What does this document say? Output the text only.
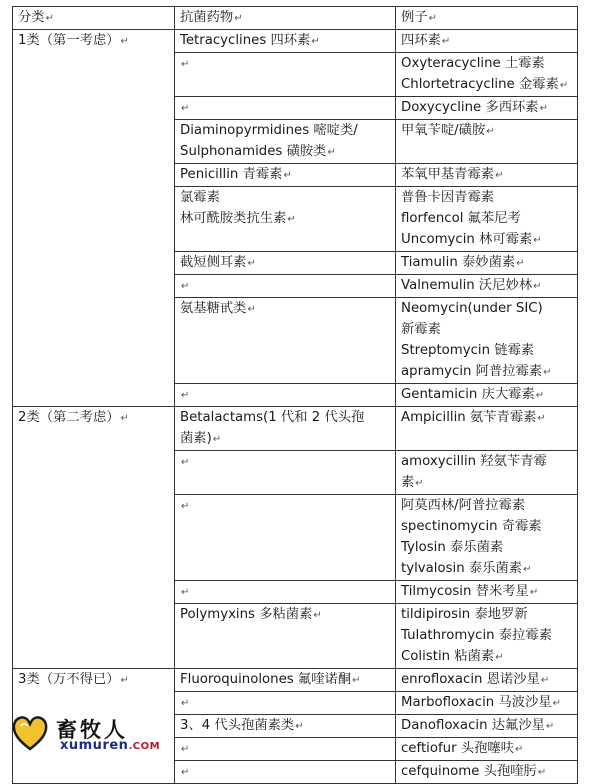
分类↵	抗菌药物↵	例子↵
1类（第一考虑）↵	Tetracyclines 四环素↵	四环素↵
	↵	Oxyteracycline 土霉素
Chlortetracycline 金霉素↵
	↵	Doxycycline 多西环素↵
	Diaminopyrmidines 嘧啶类/
Sulphonamides 磺胺类↵	甲氧苄啶/磺胺↵
	Penicillin 青霉素↵	苯氧甲基青霉素↵
	氯霉素
林可酰胺类抗生素↵	普鲁卡因青霉素
florfencol 氟苯尼考
Uncomycin 林可霉素↵
	截短侧耳素↵	Tiamulin 泰妙菌素↵
	↵	Valnemulin 沃尼妙林↵
	氨基糖甙类↵	Neomycin(under SIC)
新霉素
Streptomycin 链霉素
apramycin 阿普拉霉素↵
	↵	Gentamicin 庆大霉素↵
2类（第二考虑）↵	Betalactams(1 代和 2 代头孢
菌素)↵	Ampicillin 氨苄青霉素↵
	↵	amoxycillin 羟氨苄青霉
素↵
	↵	阿莫西林/阿普拉霉素
spectinomycin 奇霉素
Tylosin 泰乐菌素
tylvalosin 泰乐菌素↵
	↵	Tilmycosin 替米考星↵
	Polymyxins 多粘菌素↵	tildipirosin 泰地罗新
Tulathromycin 泰拉霉素
Colistin 粘菌素↵
3类（万不得已）↵	Fluoroquinolones 氟喹诺酮↵	enrofloxacin 恩诺沙星↵
	↵	Marbofloxacin 马波沙星↵
	3、4 代头孢菌素类↵	Danofloxacin 达氟沙星↵
	↵	ceftiofur 头孢噻呋↵
	↵	cefquinome 头孢喹肟↵
畜牧人
xumuren.COM
